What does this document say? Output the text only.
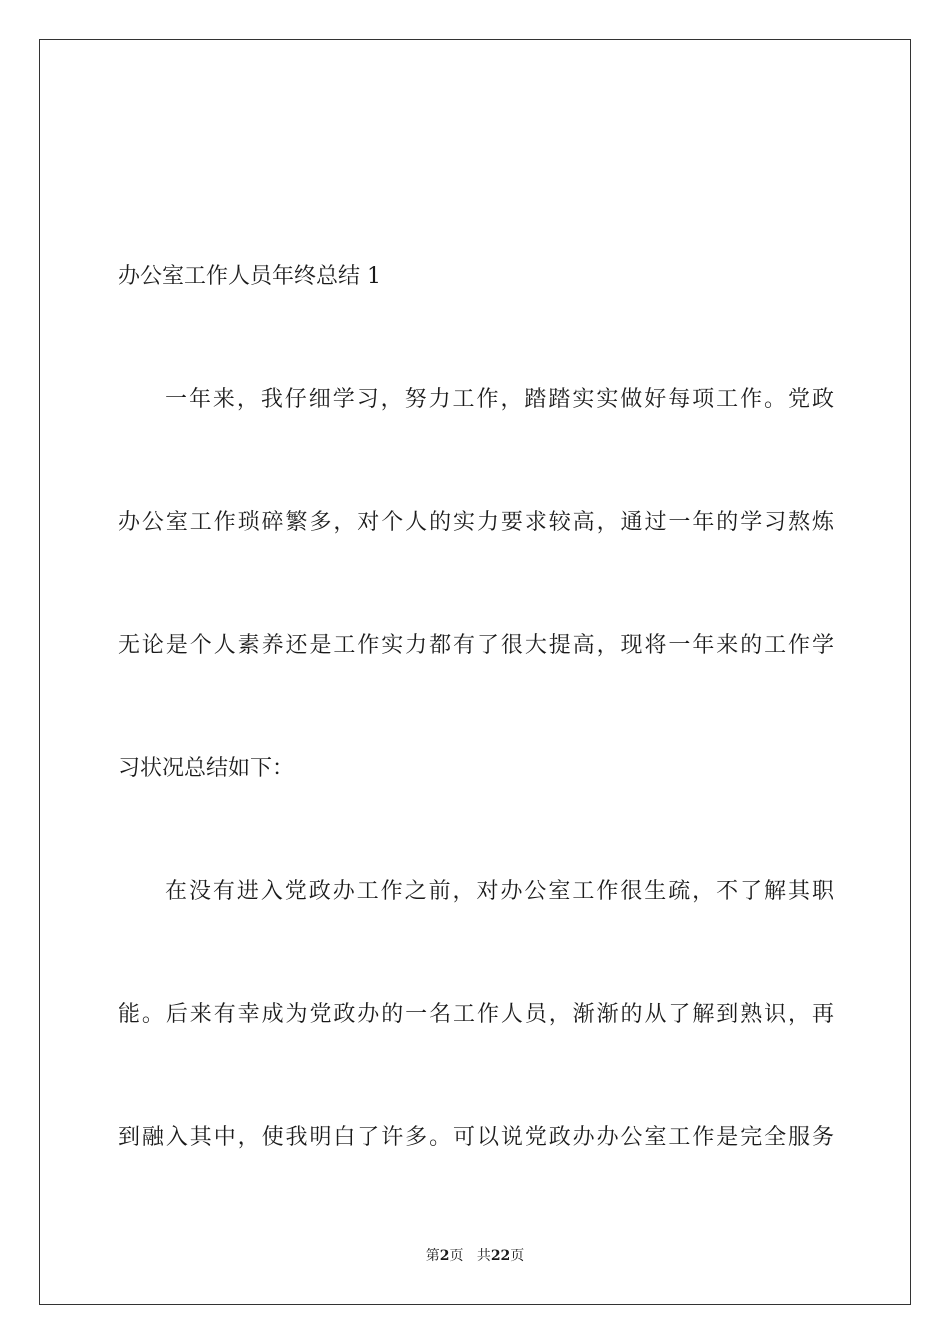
办公室工作人员年终总结 1
一年来，我仔细学习，努力工作，踏踏实实做好每项工作。党政
办公室工作琐碎繁多，对个人的实力要求较高，通过一年的学习熬炼
无论是个人素养还是工作实力都有了很大提高，现将一年来的工作学
习状况总结如下：
在没有进入党政办工作之前，对办公室工作很生疏，不了解其职
能。后来有幸成为党政办的一名工作人员，渐渐的从了解到熟识，再
到融入其中，使我明白了许多。可以说党政办办公室工作是完全服务
第2页 共22页
